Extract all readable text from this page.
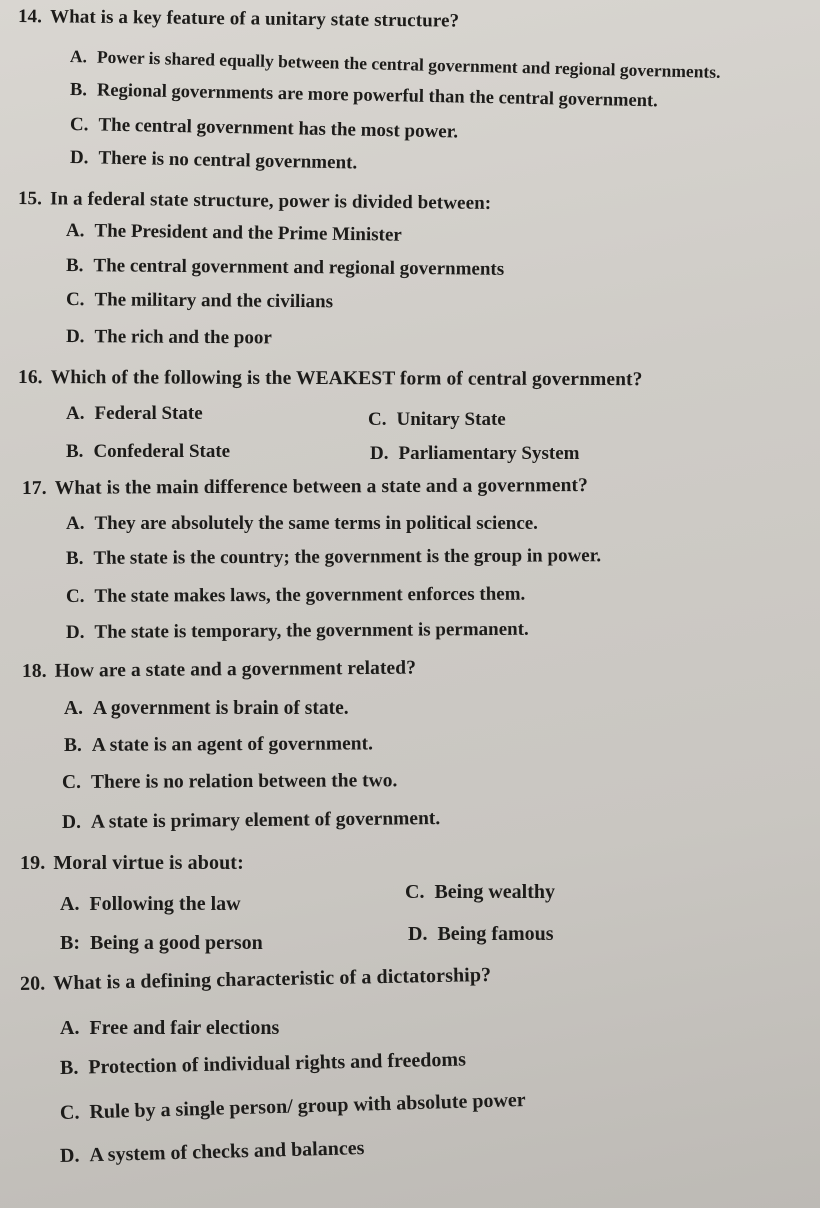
14. What is a key feature of a unitary state structure?
A. Power is shared equally between the central government and regional governments.
B. Regional governments are more powerful than the central government.
C. The central government has the most power.
D. There is no central government.
15. In a federal state structure, power is divided between:
A. The President and the Prime Minister
B. The central government and regional governments
C. The military and the civilians
D. The rich and the poor
16. Which of the following is the WEAKEST form of central government?
A. Federal State	C. Unitary State
B. Confederal State	D. Parliamentary System
17. What is the main difference between a state and a government?
A. They are absolutely the same terms in political science.
B. The state is the country; the government is the group in power.
C. The state makes laws, the government enforces them.
D. The state is temporary, the government is permanent.
18. How are a state and a government related?
A. A government is brain of state.
B. A state is an agent of government.
C. There is no relation between the two.
D. A state is primary element of government.
19. Moral virtue is about:
A. Following the law
C. Being wealthy
B: Being a good person	D. Being famous
20. What is a defining characteristic of a dictatorship?
A. Free and fair elections
B. Protection of individual rights and freedoms
C. Rule by a single person/ group with absolute power
D. A system of checks and balances
